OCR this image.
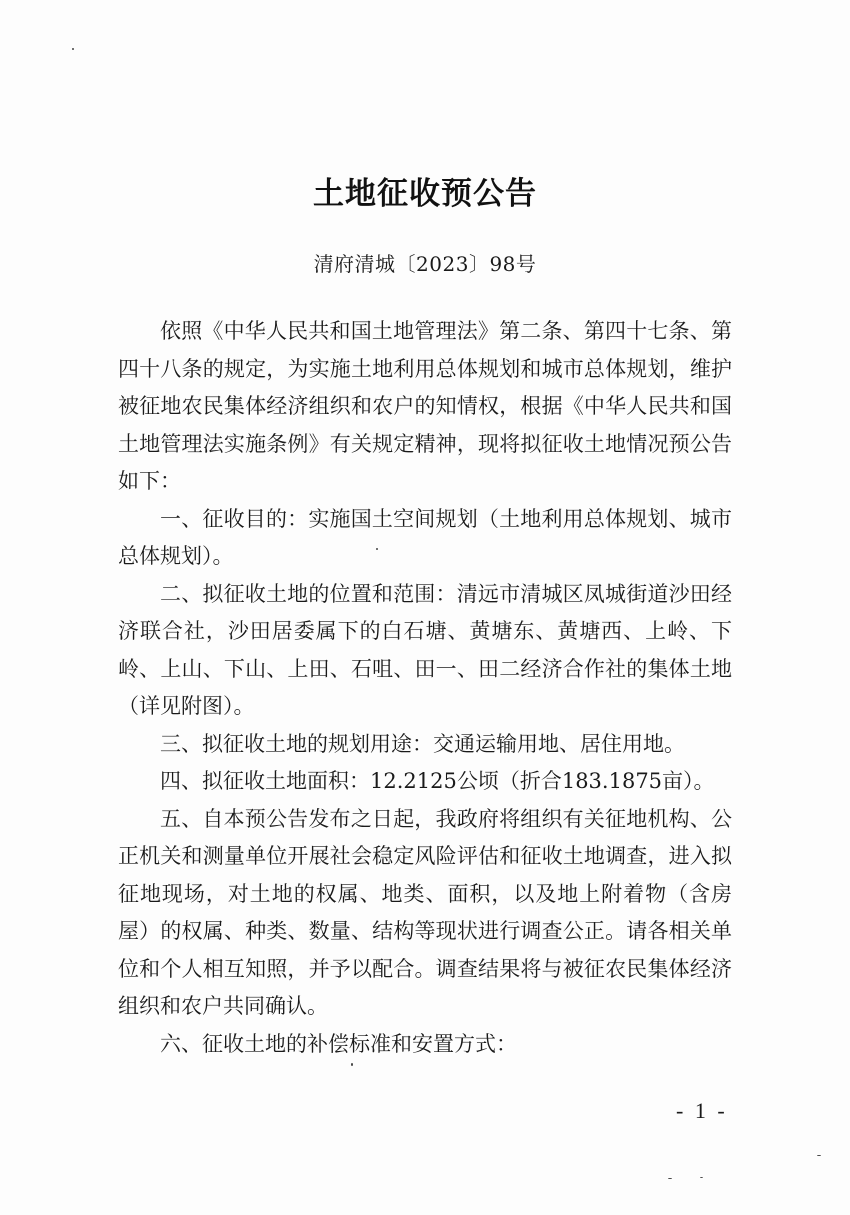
土地征收预公告
清府清城〔2023〕98号

依照《中华人民共和国土地管理法》第二条、第四十七条、第四十八条的规定，为实施土地利用总体规划和城市总体规划，维护被征地农民集体经济组织和农户的知情权，根据《中华人民共和国土地管理法实施条例》有关规定精神，现将拟征收土地情况预公告如下：

一、征收目的：实施国土空间规划（土地利用总体规划、城市总体规划）。

二、拟征收土地的位置和范围：清远市清城区凤城街道沙田经济联合社，沙田居委属下的白石塘、黄塘东、黄塘西、上岭、下岭、上山、下山、上田、石咀、田一、田二经济合作社的集体土地（详见附图）。

三、拟征收土地的规划用途：交通运输用地、居住用地。

四、拟征收土地面积：12.2125公顷（折合183.1875亩）。

五、自本预公告发布之日起，我政府将组织有关征地机构、公正机关和测量单位开展社会稳定风险评估和征收土地调查，进入拟征地现场，对土地的权属、地类、面积，以及地上附着物（含房屋）的权属、种类、数量、结构等现状进行调查公正。请各相关单位和个人相互知照，并予以配合。调查结果将与被征农民集体经济组织和农户共同确认。

六、征收土地的补偿标准和安置方式：

- 1 -
